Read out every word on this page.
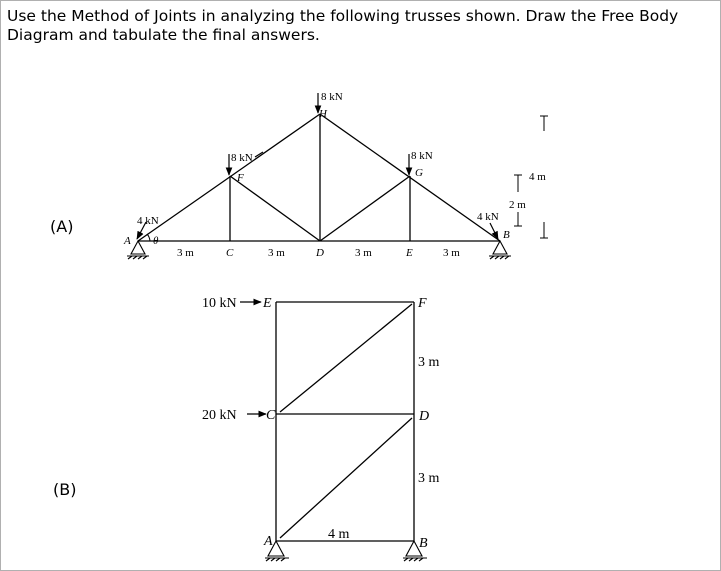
Use the Method of Joints in analyzing the following trusses shown. Draw the Free Body Diagram and tabulate the final answers.
(A)
(B)
8 kN
H
8 kN
F
8 kN
G
4 kN	4 kN
A θ	B
C	D	E
3 m	3 m	3 m	3 m
4 m
2 m
10 kN E
20 kN C
F
D
A	B
3 m
3 m
4 m
